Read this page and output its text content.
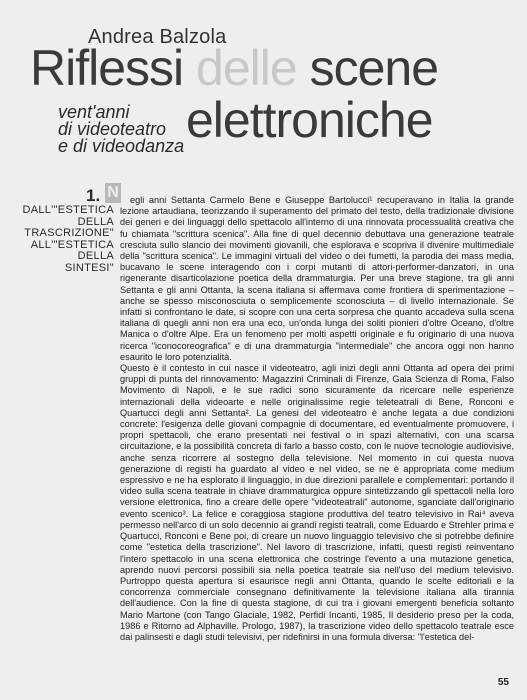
Andrea Balzola
Riflessi delle scene
elettroniche
vent'anni
di videoteatro
e di videodanza
1. N
DALL'"ESTETICA
DELLA
TRASCRIZIONE"
ALL'"ESTETICA
DELLA
SINTESI"

egli anni Settanta Carmelo Bene e Giuseppe Bartolucci¹ recuperavano in Italia la grande lezione artaudiana, teorizzando il superamento del primato del testo, della tradizionale divisione dei generi e dei linguaggi dello spettacolo all'interno di una rinnovata processualità creativa che fu chiamata "scrittura scenica". Alla fine di quel decennio debuttava una generazione teatrale cresciuta sullo slancio dei movimenti giovanili, che esplorava e scopriva il divenire multimediale della "scrittura scenica". Le immagini virtuali del video o dei fumetti, la parodia dei mass media, bucavano le scene interagendo con i corpi mutanti di attori-performer-danzatori, in una rigenerante disarticolazione poetica della drammaturgia. Per una breve stagione, tra gli anni Settanta e gli anni Ottanta, la scena italiana si affermava come frontiera di sperimentazione – anche se spesso misconosciuta o semplicemente sconosciuta – di livello internazionale. Se infatti si confrontano le date, si scopre con una certa sorpresa che quanto accadeva sulla scena italiana di quegli anni non era una eco, un'onda lunga dei soliti pionieri d'oltre Oceano, d'oltre Manica o d'oltre Alpe. Era un fenomeno per molti aspetti originale e fu originario di una nuova ricerca "iconocoreografica" e di una drammaturgia "intermediale" che ancora oggi non hanno esaurito le loro potenzialità.

Questo è il contesto in cui nasce il videoteatro, agli inizi degli anni Ottanta ad opera dei primi gruppi di punta del rinnovamento: Magazzini Criminali di Firenze, Gaia Scienza di Roma, Falso Movimento di Napoli, e le sue radici sono sicuramente da ricercare nelle esperienze internazionali della videoarte e nelle originalissime regie teleteatrali di Bene, Ronconi e Quartucci degli anni Settanta². La genesi del videoteatro è anche legata a due condizioni concrete: l'esigenza delle giovani compagnie di documentare, ed eventualmente promuovere, i propri spettacoli, che erano presentati nei festival o in spazi alternativi, con una scarsa circuitazione, e la possibilità concreta di farlo a basso costo, con le nuove tecnologie audiovisive, anche senza ricorrere al sostegno della televisione. Nel momento in cui questa nuova generazione di registi ha guardato al video e nel video, se ne è appropriata come medium espressivo e ne ha esplorato il linguaggio, in due direzioni parallele e complementari: portando il video sulla scena teatrale in chiave drammaturgica oppure sintetizzando gli spettacoli nella loro versione elettronica, fino a creare delle opere "videoteatrali" autonome, sganciate dall'originario evento scenico³. La felice e coraggiosa stagione produttiva del teatro televisivo in Rai⁴ aveva permesso nell'arco di un solo decennio ai grandi registi teatrali, come Eduardo e Strehler prima e Quartucci, Ronconi e Bene poi, di creare un nuovo linguaggio televisivo che si potrebbe definire come "estetica della trascrizione". Nel lavoro di trascrizione, infatti, questi registi reinventano l'intero spettacolo in una scena elettronica che costringe l'evento a una mutazione genetica, aprendo nuovi percorsi possibili sia nella poetica teatrale sia nell'uso del medium televisivo. Purtroppo questa apertura si esaurisce negli anni Ottanta, quando le scelte editoriali e la concorrenza commerciale consegnano definitivamente la televisione italiana alla tirannia dell'audience. Con la fine di questa stagione, di cui tra i giovani emergenti beneficia soltanto Mario Martone (con Tango Glaciale, 1982, Perfidi Incanti, 1985, Il desiderio preso per la coda, 1986 e Ritorno ad Alphaville. Prologo, 1987), la trascrizione video dello spettacolo teatrale esce dai palinsesti e dagli studi televisivi, per ridefinirsi in una formula diversa: "l'estetica del-

55
